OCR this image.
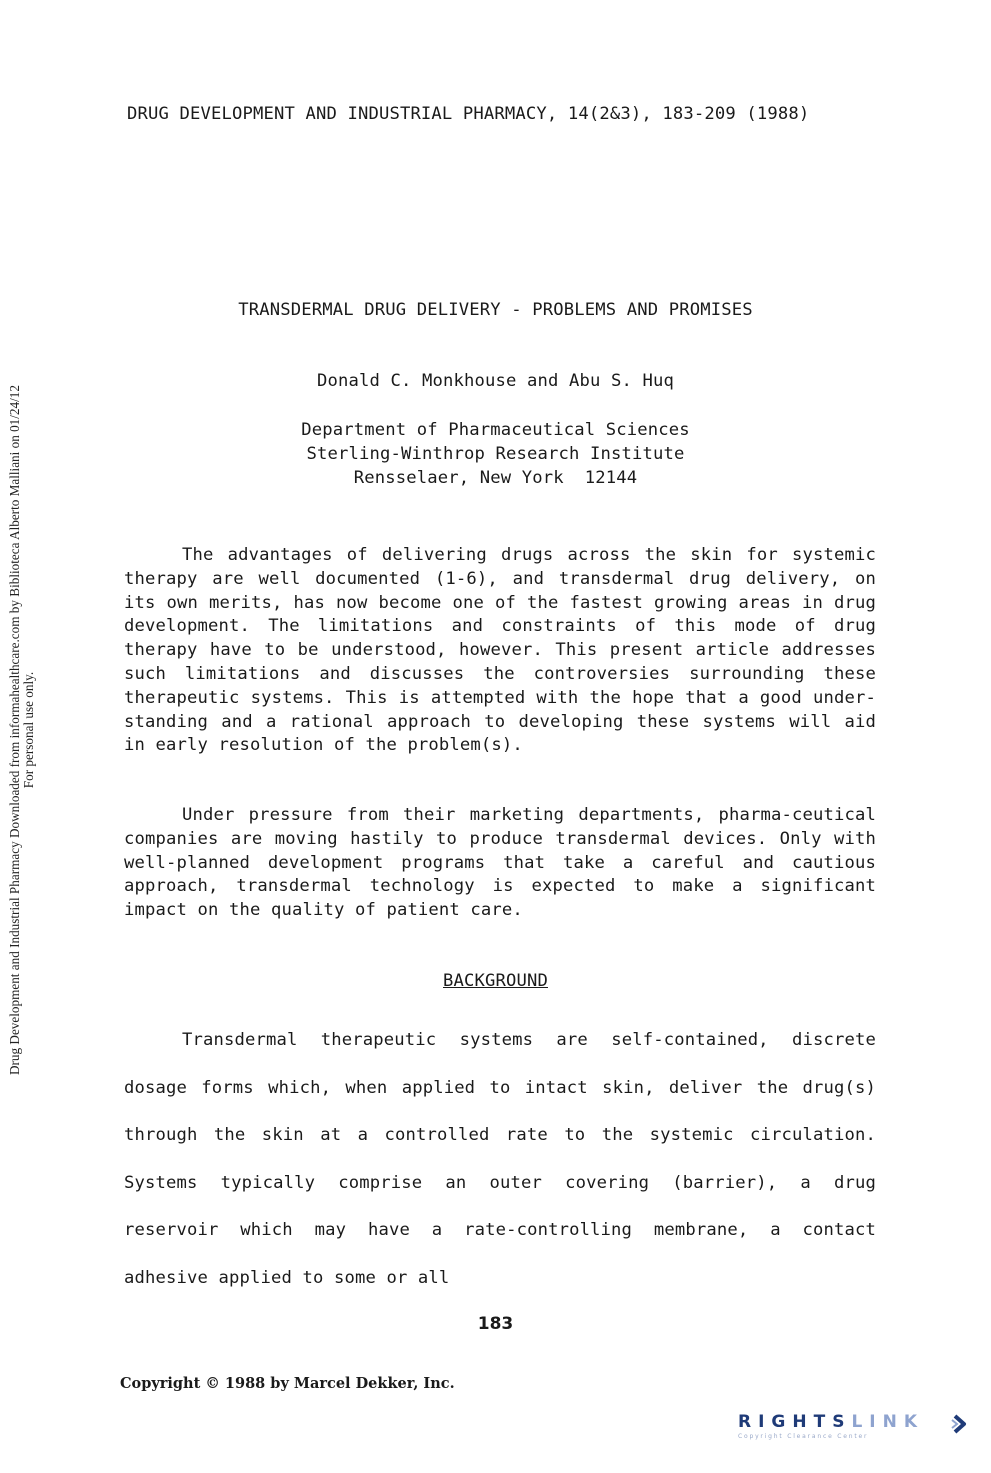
DRUG DEVELOPMENT AND INDUSTRIAL PHARMACY, 14(2&3), 183-209 (1988)
TRANSDERMAL DRUG DELIVERY - PROBLEMS AND PROMISES
Donald C. Monkhouse and Abu S. Huq
Department of Pharmaceutical Sciences
Sterling-Winthrop Research Institute
Rensselaer, New York  12144
The advantages of delivering drugs across the skin for systemic therapy are well documented (1-6), and transdermal drug delivery, on its own merits, has now become one of the fastest growing areas in drug development. The limitations and constraints of this mode of drug therapy have to be understood, however. This present article addresses such limitations and discusses the controversies surrounding these therapeutic systems. This is attempted with the hope that a good under-standing and a rational approach to developing these systems will aid in early resolution of the problem(s).
Under pressure from their marketing departments, pharma-ceutical companies are moving hastily to produce transdermal devices. Only with well-planned development programs that take a careful and cautious approach, transdermal technology is expected to make a significant impact on the quality of patient care.
BACKGROUND
Transdermal therapeutic systems are self-contained, discrete dosage forms which, when applied to intact skin, deliver the drug(s) through the skin at a controlled rate to the systemic circulation. Systems typically comprise an outer covering (barrier), a drug reservoir which may have a rate-controlling membrane, a contact adhesive applied to some or all
183
Copyright © 1988 by Marcel Dekker, Inc.
Drug Development and Industrial Pharmacy Downloaded from informahealthcare.com by Biblioteca Alberto Malliani on 01/24/12 For personal use only.
RIGHTSLINK
Copyright Clearance Center
